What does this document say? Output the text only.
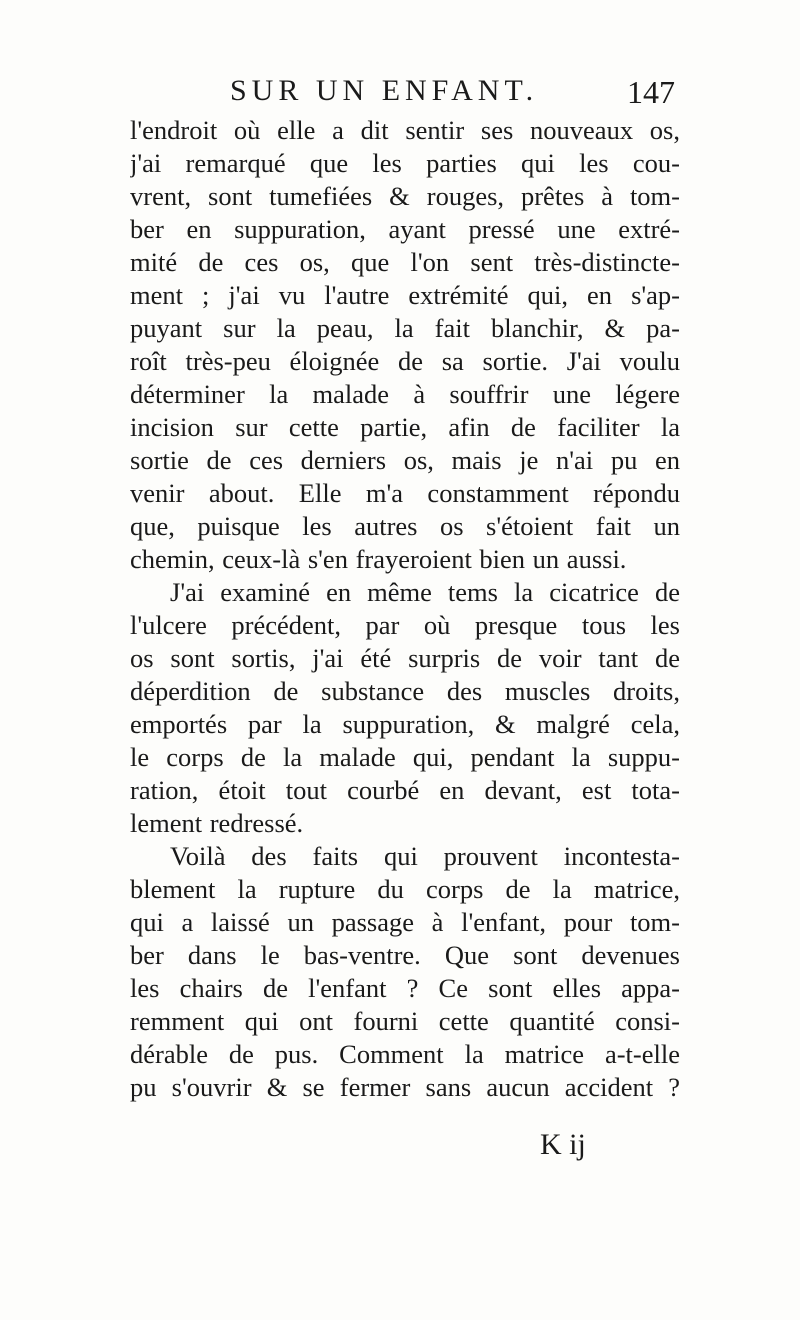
SUR UN ENFANT.	147
l'endroit où elle a dit sentir ses nouveaux os,
j'ai remarqué que les parties qui les cou-
vrent, sont tumefiées & rouges, prêtes à tom-
ber en suppuration, ayant pressé une extré-
mité de ces os, que l'on sent très-distincte-
ment ; j'ai vu l'autre extrémité qui, en s'ap-
puyant sur la peau, la fait blanchir, & pa-
roît très-peu éloignée de sa sortie. J'ai voulu
déterminer la malade à souffrir une légere
incision sur cette partie, afin de faciliter la
sortie de ces derniers os, mais je n'ai pu en
venir about. Elle m'a constamment répondu
que, puisque les autres os s'étoient fait un
chemin, ceux-là s'en frayeroient bien un aussi.
J'ai examiné en même tems la cicatrice de
l'ulcere précédent, par où presque tous les
os sont sortis, j'ai été surpris de voir tant de
déperdition de substance des muscles droits,
emportés par la suppuration, & malgré cela,
le corps de la malade qui, pendant la suppu-
ration, étoit tout courbé en devant, est tota-
lement redressé.
Voilà des faits qui prouvent incontesta-
blement la rupture du corps de la matrice,
qui a laissé un passage à l'enfant, pour tom-
ber dans le bas-ventre. Que sont devenues
les chairs de l'enfant ? Ce sont elles appa-
remment qui ont fourni cette quantité consi-
dérable de pus. Comment la matrice a-t-elle
pu s'ouvrir & se fermer sans aucun accident ?
K ij
